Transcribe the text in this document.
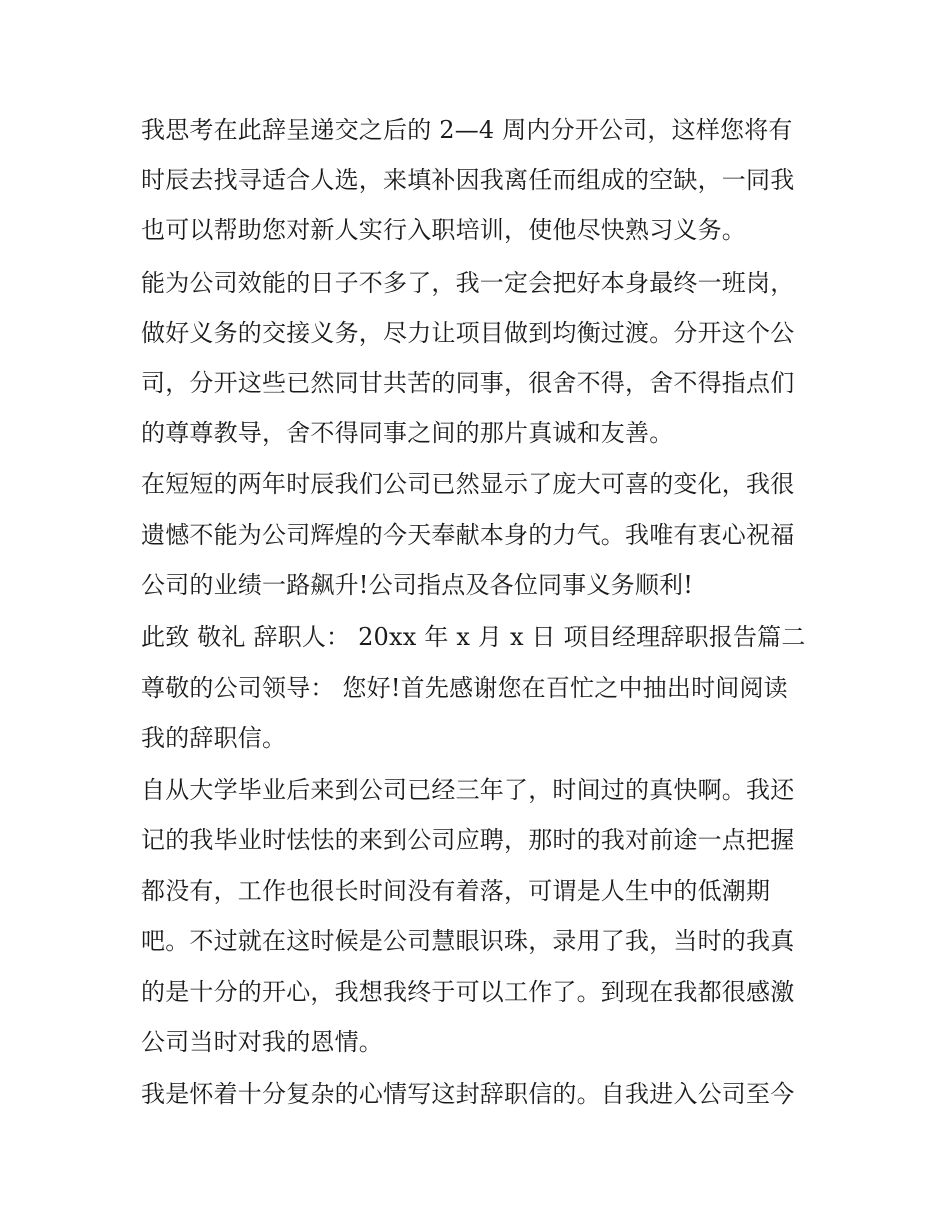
我思考在此辞呈递交之后的 2—4 周内分开公司，这样您将有
时辰去找寻适合人选，来填补因我离任而组成的空缺，一同我
也可以帮助您对新人实行入职培训，使他尽快熟习义务。
能为公司效能的日子不多了，我一定会把好本身最终一班岗，
做好义务的交接义务，尽力让项目做到均衡过渡。分开这个公
司，分开这些已然同甘共苦的同事，很舍不得，舍不得指点们
的尊尊教导，舍不得同事之间的那片真诚和友善。
在短短的两年时辰我们公司已然显示了庞大可喜的变化，我很
遗憾不能为公司辉煌的今天奉献本身的力气。我唯有衷心祝福
公司的业绩一路飙升!公司指点及各位同事义务顺利!
此致 敬礼 辞职人： 20xx 年 x 月 x 日 项目经理辞职报告篇二
尊敬的公司领导： 您好!首先感谢您在百忙之中抽出时间阅读
我的辞职信。
自从大学毕业后来到公司已经三年了，时间过的真快啊。我还
记的我毕业时怯怯的来到公司应聘，那时的我对前途一点把握
都没有，工作也很长时间没有着落，可谓是人生中的低潮期
吧。不过就在这时候是公司慧眼识珠，录用了我，当时的我真
的是十分的开心，我想我终于可以工作了。到现在我都很感激
公司当时对我的恩情。
我是怀着十分复杂的心情写这封辞职信的。自我进入公司至今
